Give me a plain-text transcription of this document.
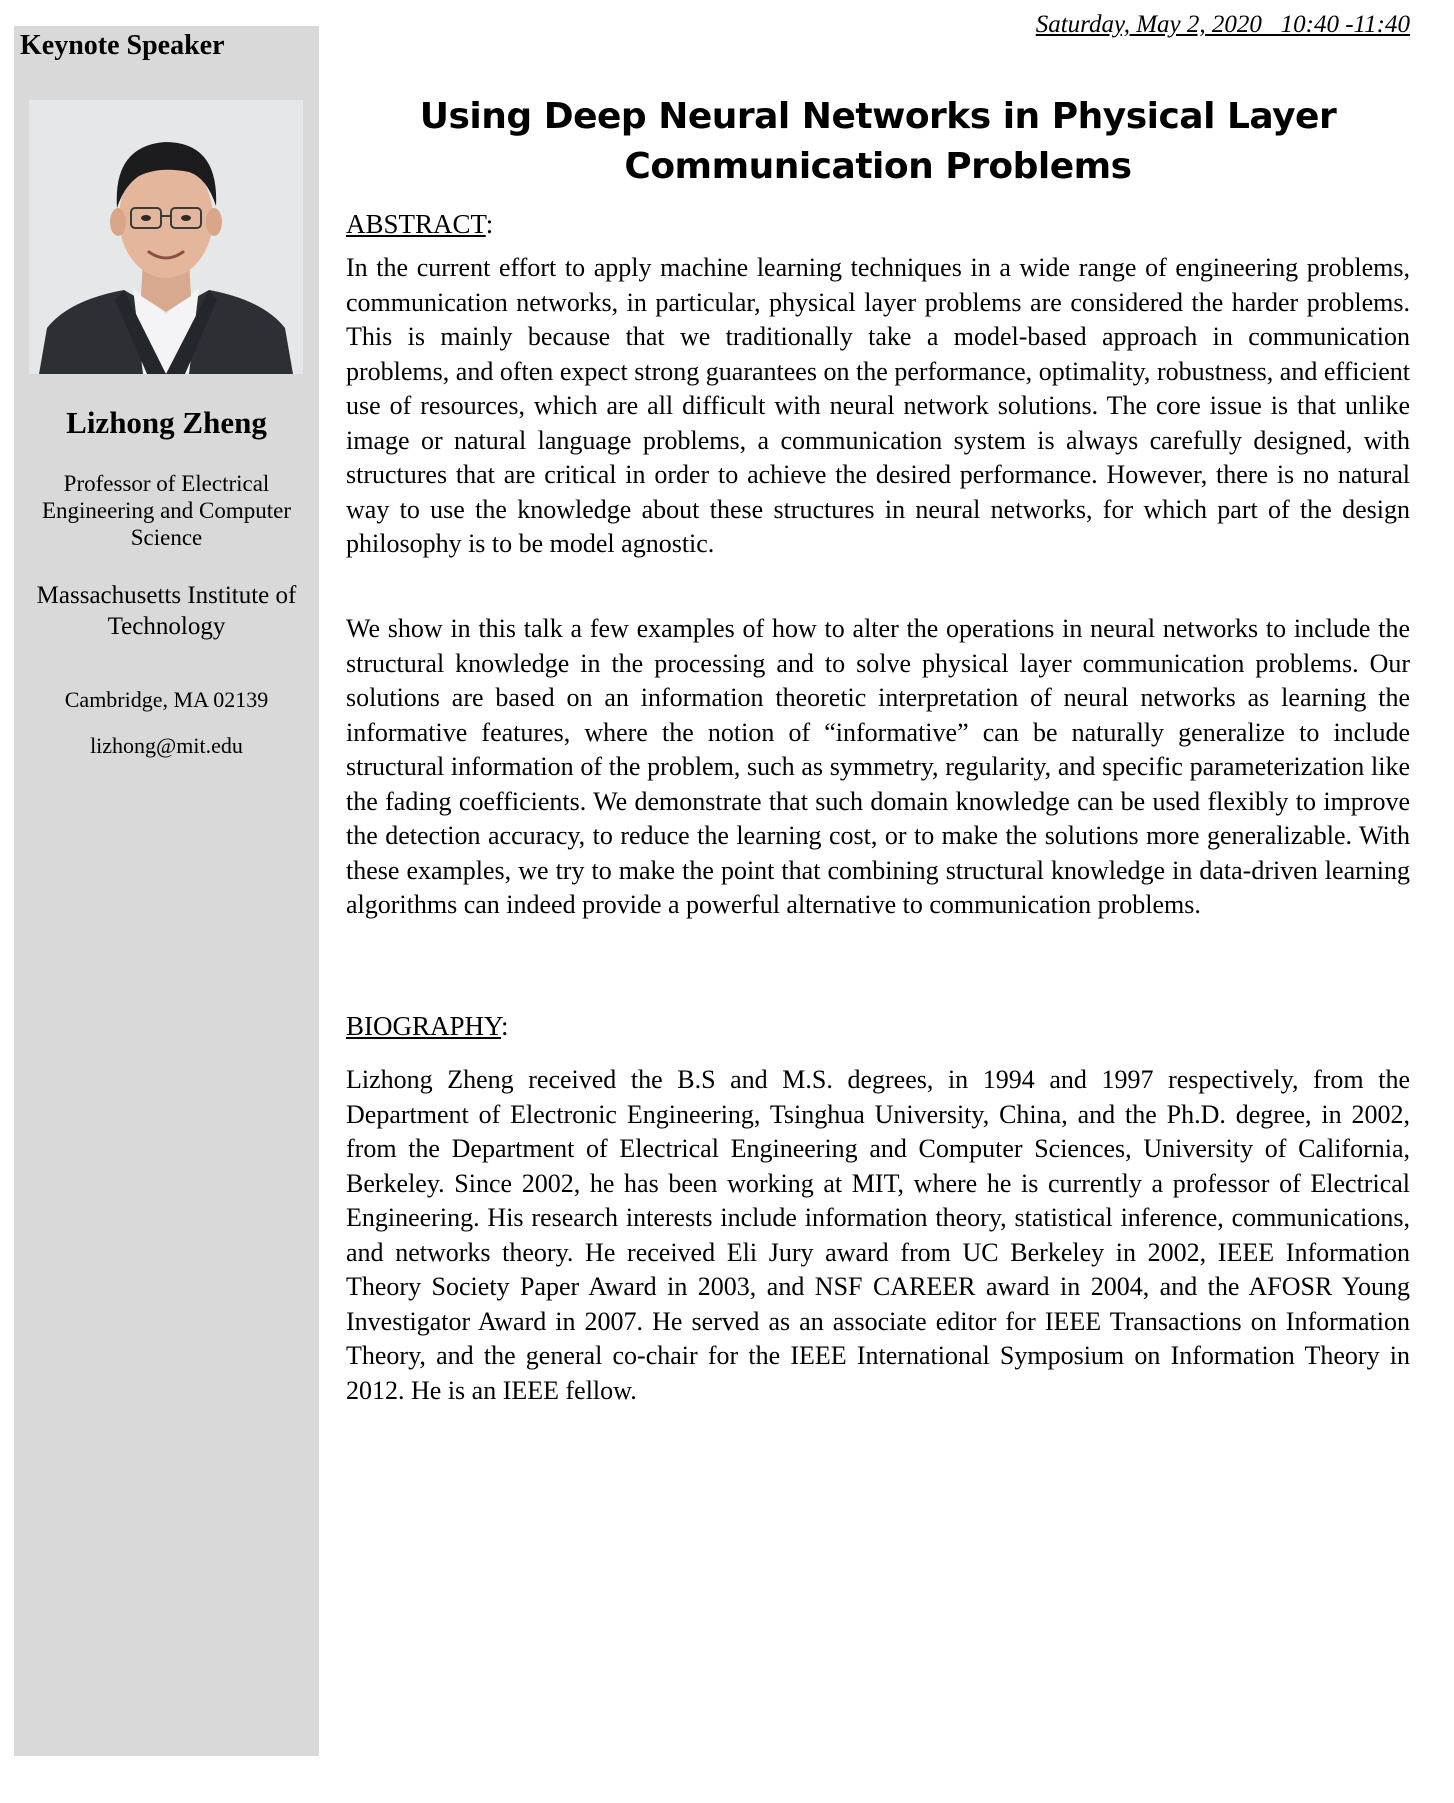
Keynote Speaker
Lizhong Zheng
Professor of Electrical Engineering and Computer Science
Massachusetts Institute of Technology
Cambridge, MA 02139
lizhong@mit.edu
Saturday, May 2, 2020   10:40 -11:40
Using Deep Neural Networks in Physical Layer Communication Problems
ABSTRACT:
In the current effort to apply machine learning techniques in a wide range of engineering problems, communication networks, in particular, physical layer problems are considered the harder problems. This is mainly because that we traditionally take a model-based approach in communication problems, and often expect strong guarantees on the performance, optimality, robustness, and efficient use of resources, which are all difficult with neural network solutions. The core issue is that unlike image or natural language problems, a communication system is always carefully designed, with structures that are critical in order to achieve the desired performance. However, there is no natural way to use the knowledge about these structures in neural networks, for which part of the design philosophy is to be model agnostic.
We show in this talk a few examples of how to alter the operations in neural networks to include the structural knowledge in the processing and to solve physical layer communication problems. Our solutions are based on an information theoretic interpretation of neural networks as learning the informative features, where the notion of “informative” can be naturally generalize to include structural information of the problem, such as symmetry, regularity, and specific parameterization like the fading coefficients. We demonstrate that such domain knowledge can be used flexibly to improve the detection accuracy, to reduce the learning cost, or to make the solutions more generalizable. With these examples, we try to make the point that combining structural knowledge in data-driven learning algorithms can indeed provide a powerful alternative to communication problems.
BIOGRAPHY:
Lizhong Zheng received the B.S and M.S. degrees, in 1994 and 1997 respectively, from the Department of Electronic Engineering, Tsinghua University, China, and the Ph.D. degree, in 2002, from the Department of Electrical Engineering and Computer Sciences, University of California, Berkeley. Since 2002, he has been working at MIT, where he is currently a professor of Electrical Engineering. His research interests include information theory, statistical inference, communications, and networks theory. He received Eli Jury award from UC Berkeley in 2002, IEEE Information Theory Society Paper Award in 2003, and NSF CAREER award in 2004, and the AFOSR Young Investigator Award in 2007. He served as an associate editor for IEEE Transactions on Information Theory, and the general co-chair for the IEEE International Symposium on Information Theory in 2012. He is an IEEE fellow.
